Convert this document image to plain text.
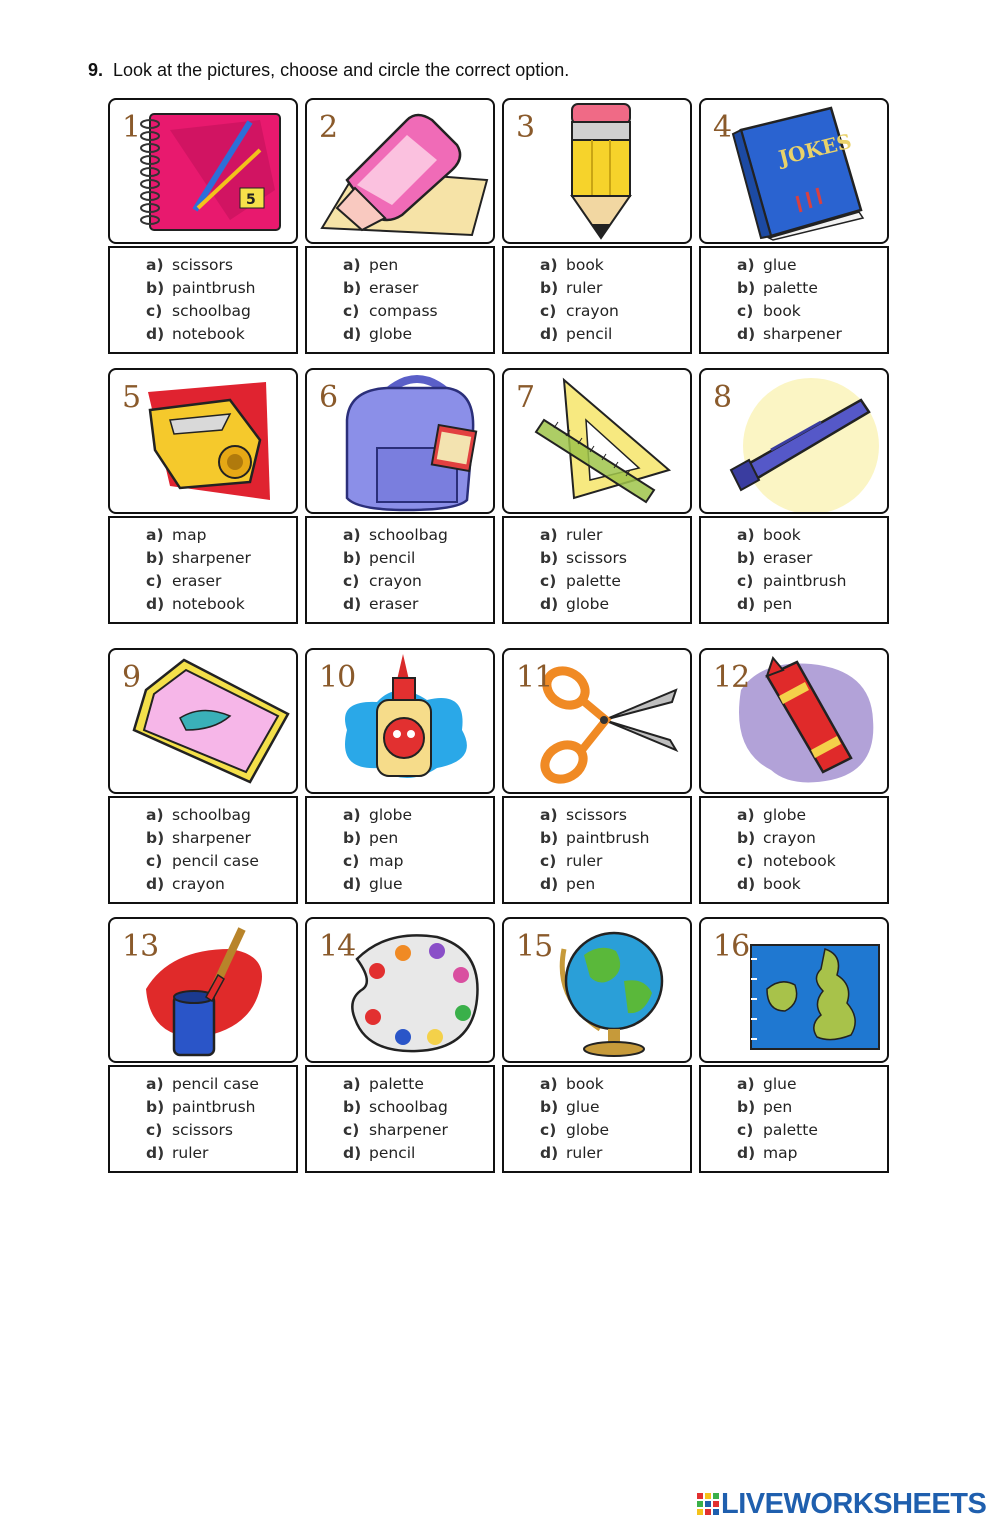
9. Look at the pictures, choose and circle the correct option.
1
5
a) scissors
b) paintbrush
c) schoolbag
d) notebook
2
a) pen
b) eraser
c) compass
d) globe
3
a) book
b) ruler
c) crayon
d) pencil
4
JOKES
a) glue
b) palette
c) book
d) sharpener
5
a) map
b) sharpener
c) eraser
d) notebook
6
a) schoolbag
b) pencil
c) crayon
d) eraser
7
a) ruler
b) scissors
c) palette
d) globe
8
a) book
b) eraser
c) paintbrush
d) pen
9
a) schoolbag
b) sharpener
c) pencil case
d) crayon
10
a) globe
b) pen
c) map
d) glue
11
a) scissors
b) paintbrush
c) ruler
d) pen
12
a) globe
b) crayon
c) notebook
d) book
13
a) pencil case
b) paintbrush
c) scissors
d) ruler
14
a) palette
b) schoolbag
c) sharpener
d) pencil
15
a) book
b) glue
c) globe
d) ruler
16
a) glue
b) pen
c) palette
d) map
LIVEWORKSHEETS
